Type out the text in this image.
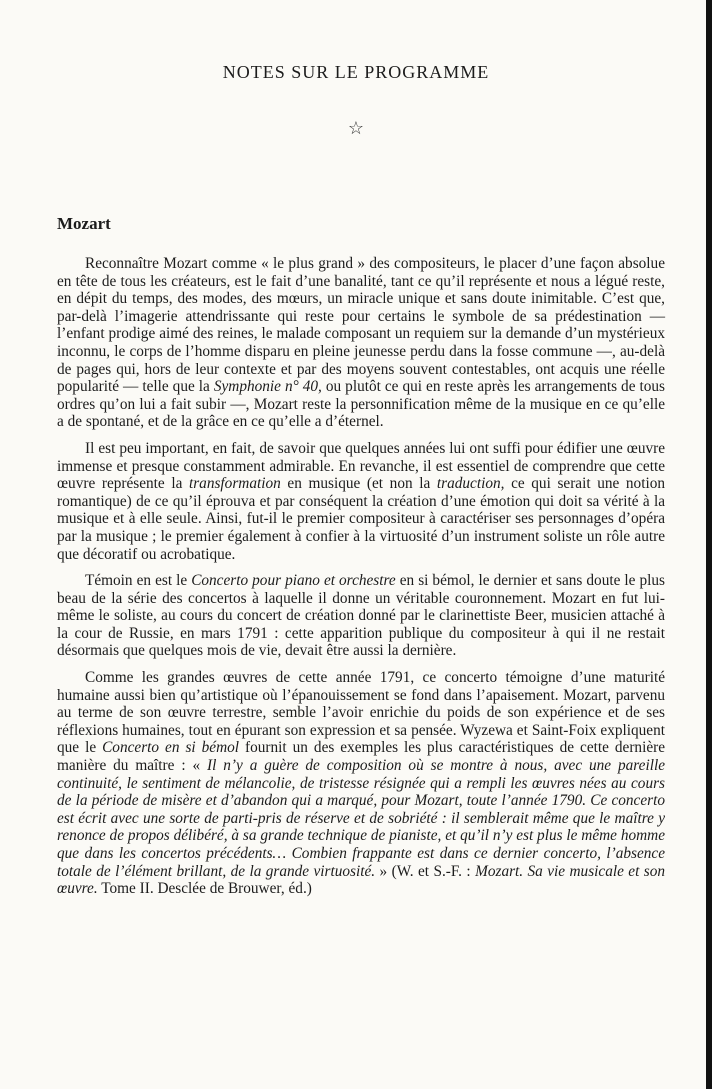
NOTES SUR LE PROGRAMME
☆
Mozart

Reconnaître Mozart comme « le plus grand » des compositeurs, le placer d’une façon absolue en tête de tous les créateurs, est le fait d’une banalité, tant ce qu’il représente et nous a légué reste, en dépit du temps, des modes, des mœurs, un miracle unique et sans doute inimitable. C’est que, par-delà l’imagerie attendrissante qui reste pour certains le symbole de sa prédestination — l’enfant prodige aimé des reines, le malade composant un requiem sur la demande d’un mystérieux inconnu, le corps de l’homme disparu en pleine jeunesse perdu dans la fosse commune —, au-delà de pages qui, hors de leur contexte et par des moyens souvent contestables, ont acquis une réelle popularité — telle que la Symphonie n° 40, ou plutôt ce qui en reste après les arrangements de tous ordres qu’on lui a fait subir —, Mozart reste la personnification même de la musique en ce qu’elle a de spontané, et de la grâce en ce qu’elle a d’éternel.

Il est peu important, en fait, de savoir que quelques années lui ont suffi pour édifier une œuvre immense et presque constamment admirable. En revanche, il est essentiel de comprendre que cette œuvre représente la transformation en musique (et non la traduction, ce qui serait une notion romantique) de ce qu’il éprouva et par conséquent la création d’une émotion qui doit sa vérité à la musique et à elle seule. Ainsi, fut-il le premier compositeur à caractériser ses personnages d’opéra par la musique ; le premier également à confier à la virtuosité d’un instrument soliste un rôle autre que décoratif ou acrobatique.

Témoin en est le Concerto pour piano et orchestre en si bémol, le dernier et sans doute le plus beau de la série des concertos à laquelle il donne un véritable couronnement. Mozart en fut lui-même le soliste, au cours du concert de création donné par le clarinettiste Beer, musicien attaché à la cour de Russie, en mars 1791 : cette apparition publique du compositeur à qui il ne restait désormais que quelques mois de vie, devait être aussi la dernière.

Comme les grandes œuvres de cette année 1791, ce concerto témoigne d’une maturité humaine aussi bien qu’artistique où l’épanouissement se fond dans l’apaisement. Mozart, parvenu au terme de son œuvre terrestre, semble l’avoir enrichie du poids de son expérience et de ses réflexions humaines, tout en épurant son expression et sa pensée. Wyzewa et Saint-Foix expliquent que le Concerto en si bémol fournit un des exemples les plus caractéristiques de cette dernière manière du maître : « Il n’y a guère de composition où se montre à nous, avec une pareille continuité, le sentiment de mélancolie, de tristesse résignée qui a rempli les œuvres nées au cours de la période de misère et d’abandon qui a marqué, pour Mozart, toute l’année 1790. Ce concerto est écrit avec une sorte de parti-pris de réserve et de sobriété : il semblerait même que le maître y renonce de propos délibéré, à sa grande technique de pianiste, et qu’il n’y est plus le même homme que dans les concertos précédents… Combien frappante est dans ce dernier concerto, l’absence totale de l’élément brillant, de la grande virtuosité. » (W. et S.-F. : Mozart. Sa vie musicale et son œuvre. Tome II. Desclée de Brouwer, éd.)
